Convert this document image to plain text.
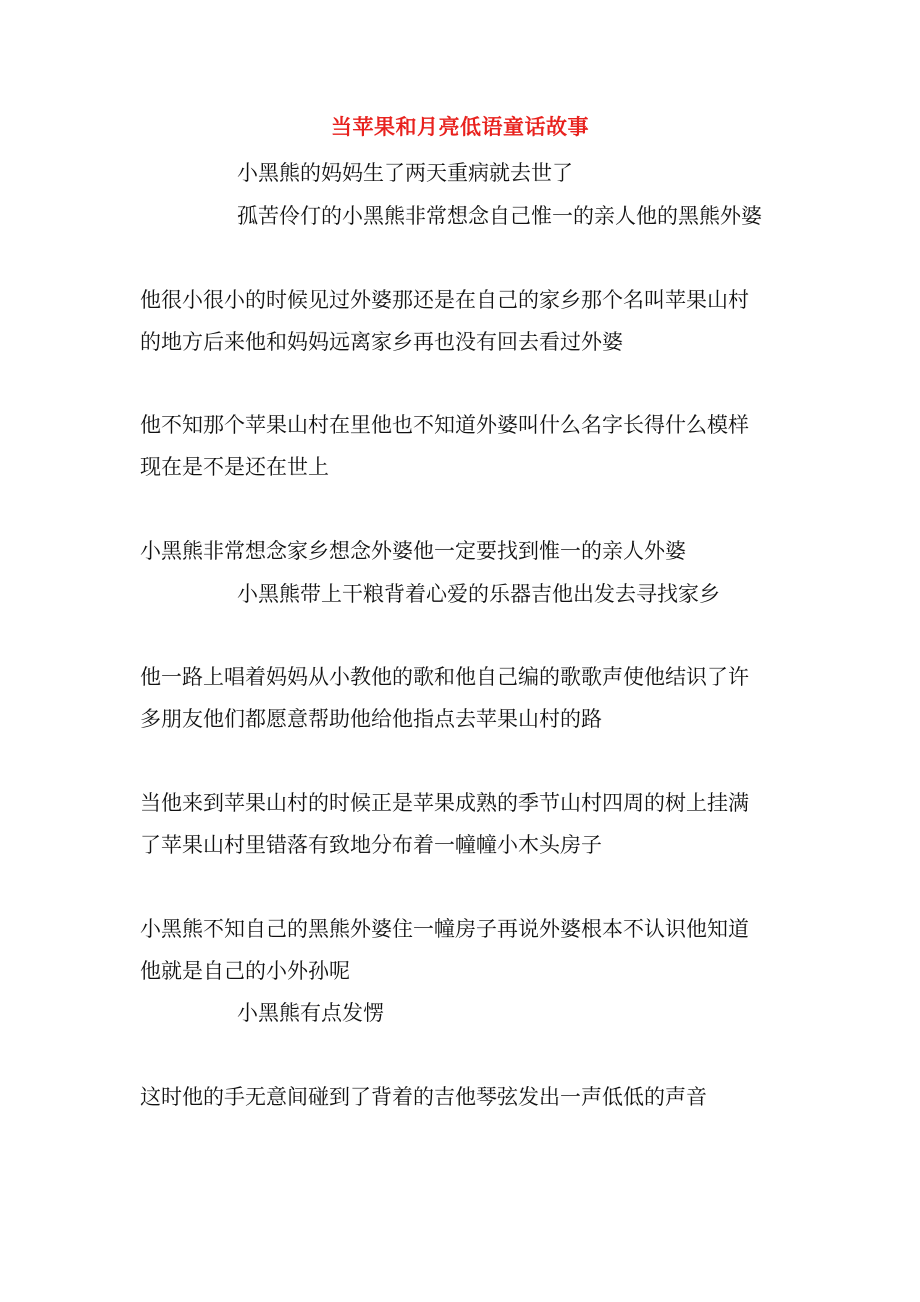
当苹果和月亮低语童话故事
小黑熊的妈妈生了两天重病就去世了
孤苦伶仃的小黑熊非常想念自己惟一的亲人他的黑熊外婆
他很小很小的时候见过外婆那还是在自己的家乡那个名叫苹果山村
的地方后来他和妈妈远离家乡再也没有回去看过外婆
他不知那个苹果山村在里他也不知道外婆叫什么名字长得什么模样
现在是不是还在世上
小黑熊非常想念家乡想念外婆他一定要找到惟一的亲人外婆
小黑熊带上干粮背着心爱的乐器吉他出发去寻找家乡
他一路上唱着妈妈从小教他的歌和他自己编的歌歌声使他结识了许
多朋友他们都愿意帮助他给他指点去苹果山村的路
当他来到苹果山村的时候正是苹果成熟的季节山村四周的树上挂满
了苹果山村里错落有致地分布着一幢幢小木头房子
小黑熊不知自己的黑熊外婆住一幢房子再说外婆根本不认识他知道
他就是自己的小外孙呢
小黑熊有点发愣
这时他的手无意间碰到了背着的吉他琴弦发出一声低低的声音
